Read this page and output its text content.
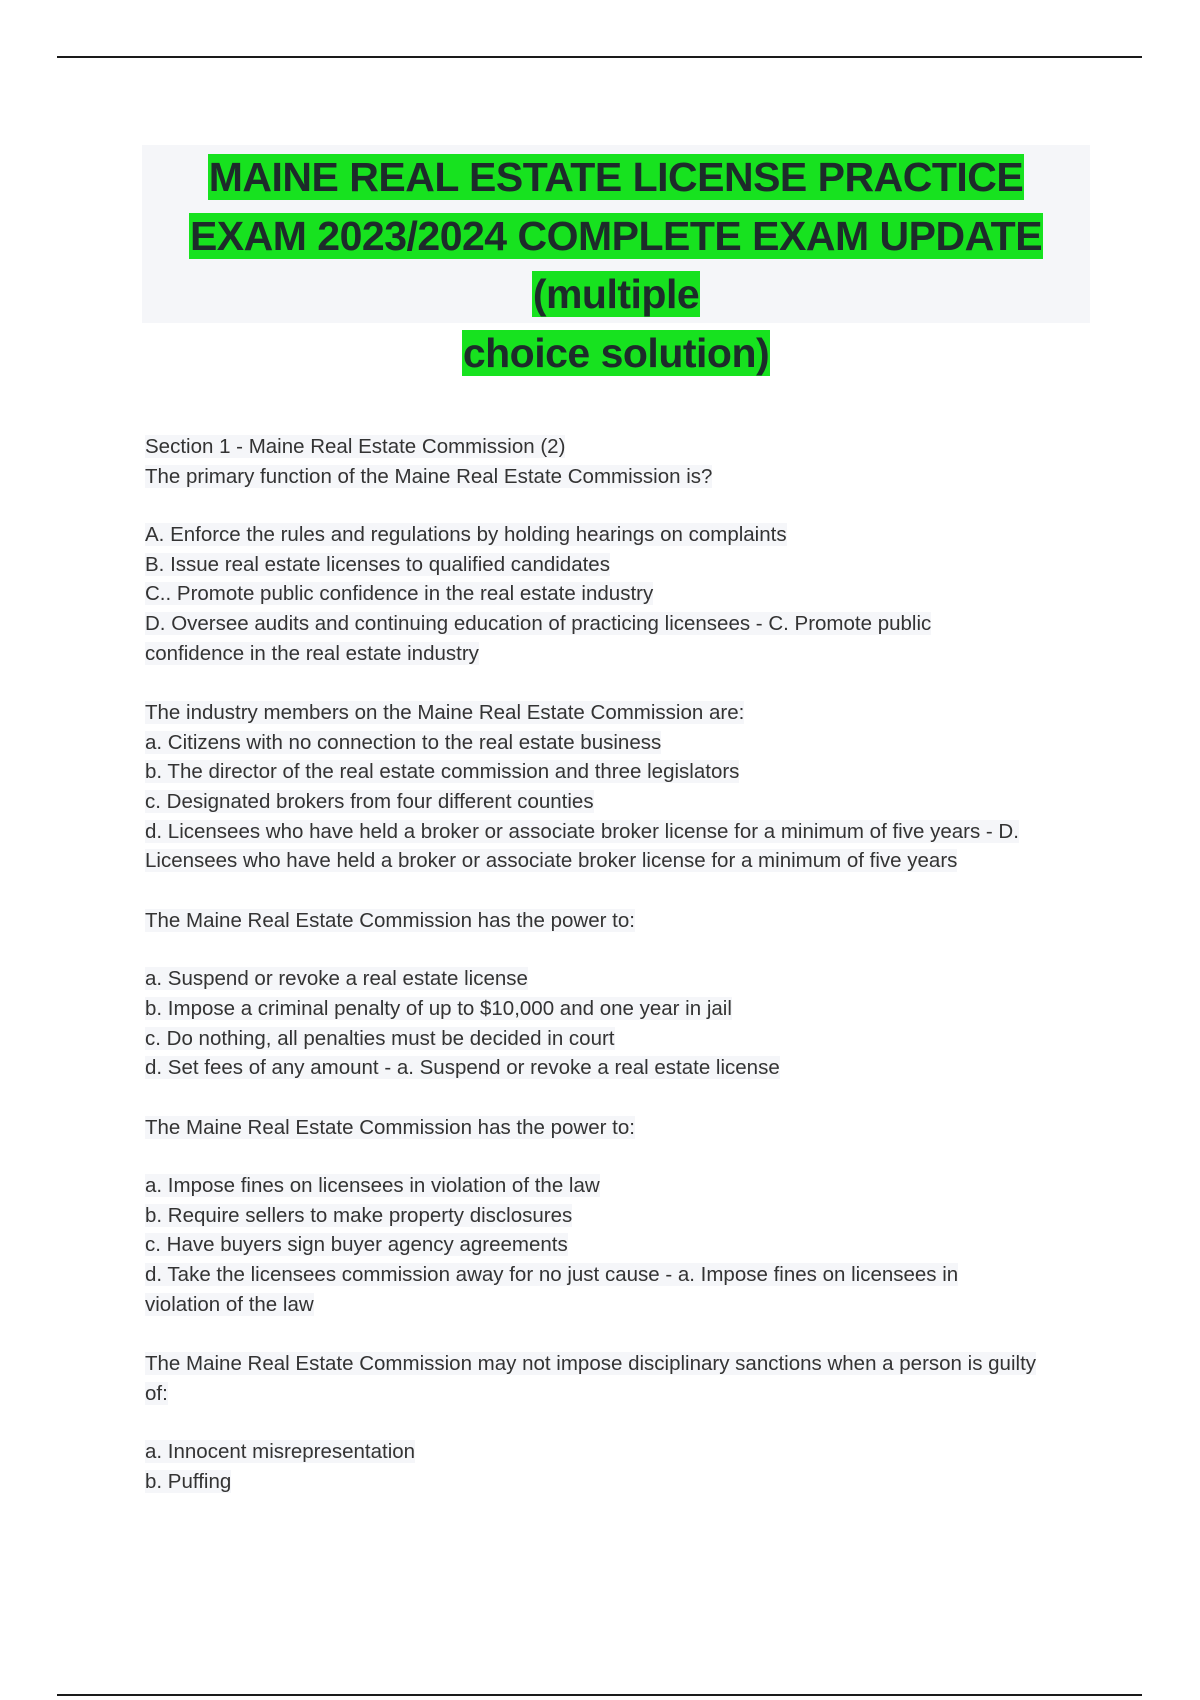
MAINE REAL ESTATE LICENSE PRACTICE
EXAM 2023/2024 COMPLETE EXAM UPDATE
(multiple
choice solution)

Section 1 - Maine Real Estate Commission (2)

The primary function of the Maine Real Estate Commission is?

A. Enforce the rules and regulations by holding hearings on complaints

B. Issue real estate licenses to qualified candidates

C.. Promote public confidence in the real estate industry

D. Oversee audits and continuing education of practicing licensees - C. Promote public confidence in the real estate industry

The industry members on the Maine Real Estate Commission are:

a. Citizens with no connection to the real estate business

b. The director of the real estate commission and three legislators

c. Designated brokers from four different counties

d. Licensees who have held a broker or associate broker license for a minimum of five years - D. Licensees who have held a broker or associate broker license for a minimum of five years

The Maine Real Estate Commission has the power to:

a. Suspend or revoke a real estate license

b. Impose a criminal penalty of up to $10,000 and one year in jail

c. Do nothing, all penalties must be decided in court

d. Set fees of any amount - a. Suspend or revoke a real estate license

The Maine Real Estate Commission has the power to:

a. Impose fines on licensees in violation of the law

b. Require sellers to make property disclosures

c. Have buyers sign buyer agency agreements

d. Take the licensees commission away for no just cause - a. Impose fines on licensees in violation of the law

The Maine Real Estate Commission may not impose disciplinary sanctions when a person is guilty of:

a. Innocent misrepresentation

b. Puffing
